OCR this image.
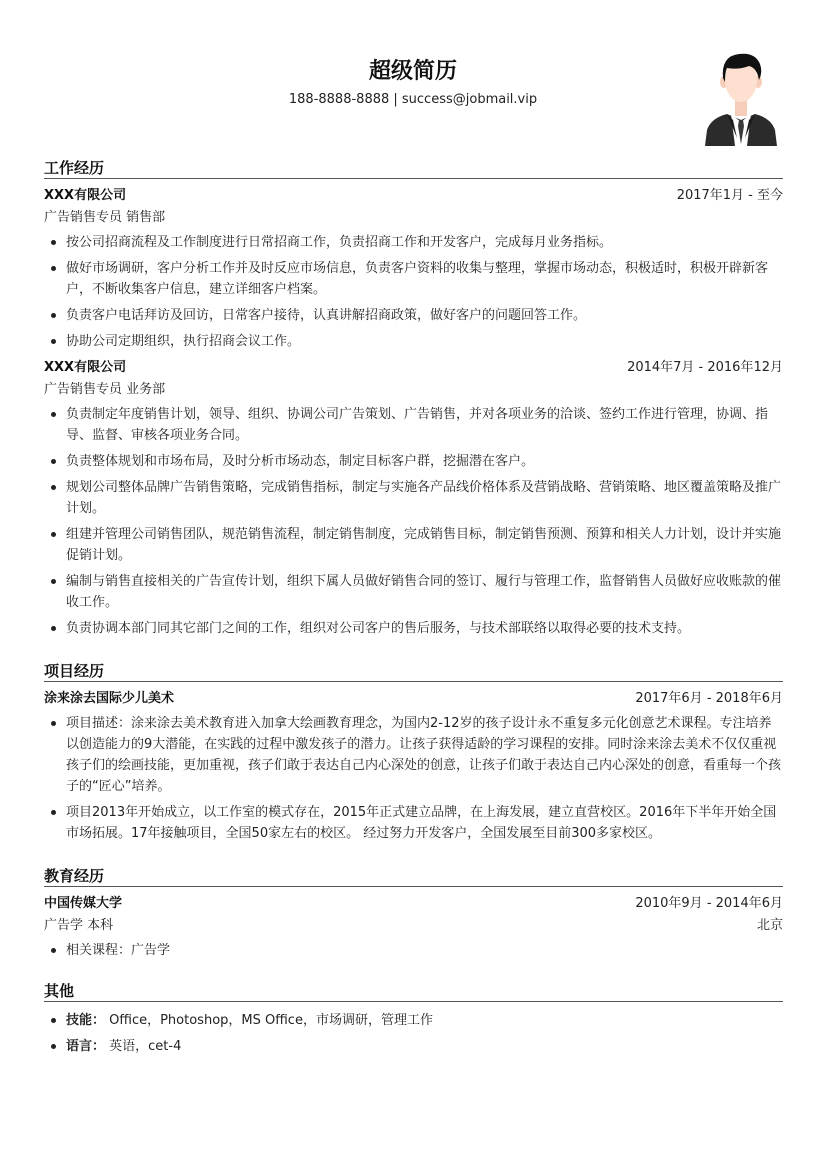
超级简历
188-8888-8888 | success@jobmail.vip
工作经历
XXX有限公司	2017年1月 - 至今
广告销售专员 销售部
按公司招商流程及工作制度进行日常招商工作，负责招商工作和开发客户，完成每月业务指标。
做好市场调研，客户分析工作并及时反应市场信息，负责客户资料的收集与整理，掌握市场动态，积极适时，积极开辟新客户，不断收集客户信息，建立详细客户档案。
负责客户电话拜访及回访，日常客户接待，认真讲解招商政策，做好客户的问题回答工作。
协助公司定期组织，执行招商会议工作。
XXX有限公司	2014年7月 - 2016年12月
广告销售专员 业务部
负责制定年度销售计划，领导、组织、协调公司广告策划、广告销售，并对各项业务的洽谈、签约工作进行管理，协调、指导、监督、审核各项业务合同。
负责整体规划和市场布局，及时分析市场动态，制定目标客户群，挖掘潜在客户。
规划公司整体品牌广告销售策略，完成销售指标，制定与实施各产品线价格体系及营销战略、营销策略、地区覆盖策略及推广计划。
组建并管理公司销售团队，规范销售流程，制定销售制度，完成销售目标，制定销售预测、预算和相关人力计划，设计并实施促销计划。
编制与销售直接相关的广告宣传计划，组织下属人员做好销售合同的签订、履行与管理工作，监督销售人员做好应收账款的催收工作。
负责协调本部门同其它部门之间的工作，组织对公司客户的售后服务，与技术部联络以取得必要的技术支持。
项目经历
涂来涂去国际少儿美术	2017年6月 - 2018年6月
项目描述：涂来涂去美术教育进入加拿大绘画教育理念，为国内2-12岁的孩子设计永不重复多元化创意艺术课程。专注培养以创造能力的9大潜能，在实践的过程中激发孩子的潜力。让孩子获得适龄的学习课程的安排。同时涂来涂去美术不仅仅重视孩子们的绘画技能，更加重视，孩子们敢于表达自己内心深处的创意，让孩子们敢于表达自己内心深处的创意，看重每一个孩子的“匠心”培养。
项目2013年开始成立，以工作室的模式存在，2015年正式建立品牌，在上海发展，建立直营校区。2016年下半年开始全国市场拓展。17年接触项目，全国50家左右的校区。 经过努力开发客户，全国发展至目前300多家校区。
教育经历
中国传媒大学	2010年9月 - 2014年6月
广告学 本科	北京
相关课程：广告学
其他
技能： Office，Photoshop，MS Office，市场调研，管理工作
语言： 英语，cet-4
